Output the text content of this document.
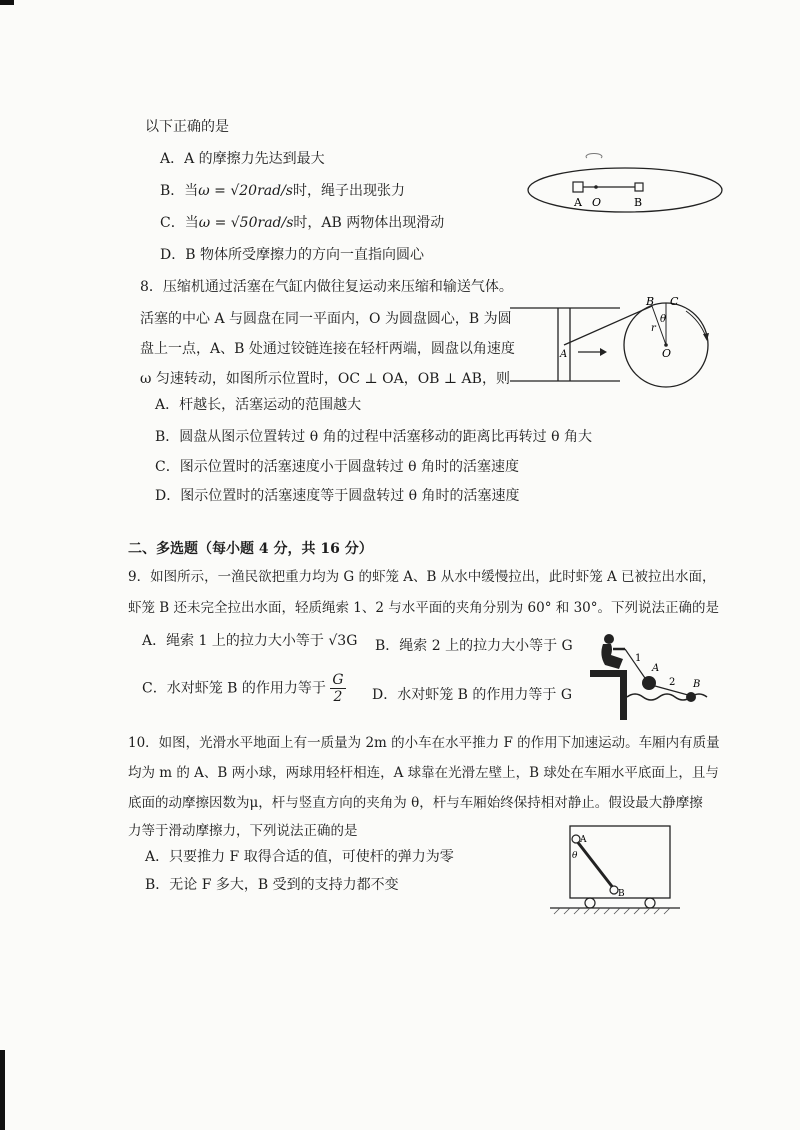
以下正确的是
A．A 的摩擦力先达到最大
B．当ω = √20rad/s时，绳子出现张力
C．当ω = √50rad/s时，AB 两物体出现滑动
D．B 物体所受摩擦力的方向一直指向圆心
A O	B
8．压缩机通过活塞在气缸内做往复运动来压缩和输送气体。
活塞的中心 A 与圆盘在同一平面内，O 为圆盘圆心，B 为圆
盘上一点，A、B 处通过铰链连接在轻杆两端，圆盘以角速度
ω 匀速转动，如图所示位置时，OC ⊥ OA，OB ⊥ AB，则
A．杆越长，活塞运动的范围越大
B．圆盘从图示位置转过 θ 角的过程中活塞移动的距离比再转过 θ 角大
C．图示位置时的活塞速度小于圆盘转过 θ 角时的活塞速度
D．图示位置时的活塞速度等于圆盘转过 θ 角时的活塞速度
B C
A	O
r
θ
二、多选题（每小题 4 分，共 16 分）
9．如图所示，一渔民欲把重力均为 G 的虾笼 A、B 从水中缓慢拉出，此时虾笼 A 已被拉出水面，
虾笼 B 还未完全拉出水面，轻质绳索 1、2 与水平面的夹角分别为 60° 和 30°。下列说法正确的是
A．绳索 1 上的拉力大小等于 √3G B．绳索 2 上的拉力大小等于 G
C．水对虾笼 B 的作用力等于 $\frac{G}{2}$ D．水对虾笼 B 的作用力等于 G
1
A
2 B
10．如图，光滑水平地面上有一质量为 2m 的小车在水平推力 F 的作用下加速运动。车厢内有质量
均为 m 的 A、B 两小球，两球用轻杆相连，A 球靠在光滑左壁上，B 球处在车厢水平底面上，且与
底面的动摩擦因数为μ，杆与竖直方向的夹角为 θ，杆与车厢始终保持相对静止。假设最大静摩擦
力等于滑动摩擦力，下列说法正确的是
A．只要推力 F 取得合适的值，可使杆的弹力为零
B．无论 F 多大，B 受到的支持力都不变
A
B
θ
